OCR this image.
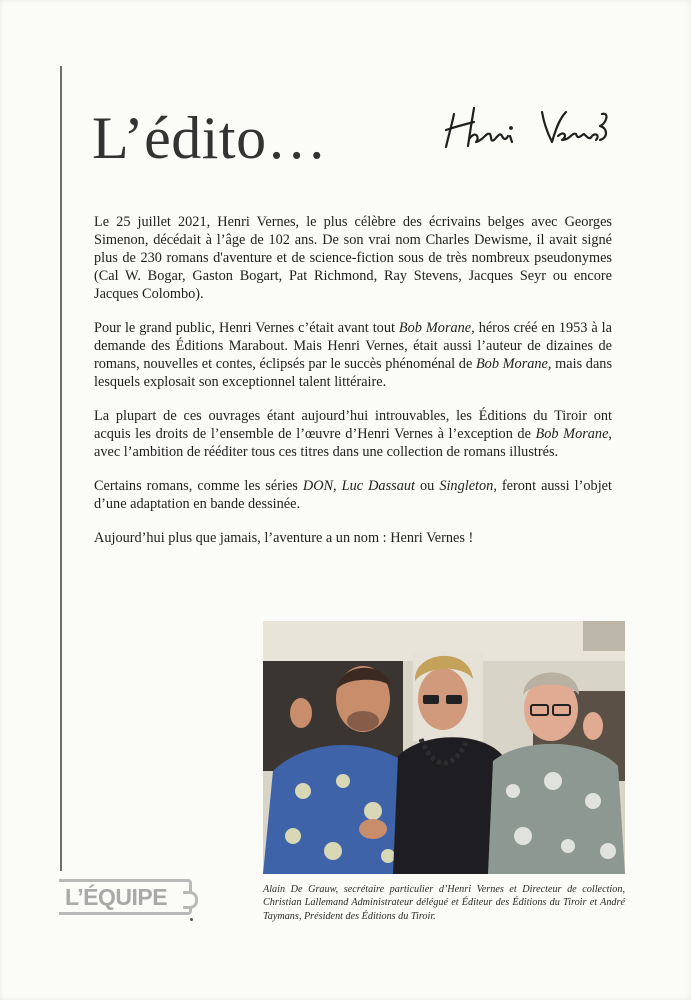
L’édito…

Le 25 juillet 2021, Henri Vernes, le plus célèbre des écrivains belges avec Georges Simenon, décédait à l’âge de 102 ans. De son vrai nom Charles Dewisme, il avait signé plus de 230 romans d'aventure et de science-fiction sous de très nombreux pseudonymes (Cal W. Bogar, Gaston Bogart, Pat Richmond, Ray Stevens, Jacques Seyr ou encore Jacques Colombo).

Pour le grand public, Henri Vernes c’était avant tout Bob Morane, héros créé en 1953 à la demande des Éditions Marabout. Mais Henri Vernes, était aussi l’auteur de dizaines de romans, nouvelles et contes, éclipsés par le succès phénoménal de Bob Morane, mais dans lesquels explosait son exceptionnel talent littéraire.

La plupart de ces ouvrages étant aujourd’hui introuvables, les Éditions du Tiroir ont acquis les droits de l’ensemble de l’œuvre d’Henri Vernes à l’exception de Bob Morane, avec l’ambition de rééditer tous ces titres dans une collection de romans illustrés.

Certains romans, comme les séries DON, Luc Dassaut ou Singleton, feront aussi l’objet d’une adaptation en bande dessinée.

Aujourd’hui plus que jamais, l’aventure a un nom : Henri Vernes !

Alain De Grauw, secrétaire particulier d’Henri Vernes et Directeur de collection, Christian Lallemand Administrateur délégué et Éditeur des Éditions du Tiroir et André Taymans, Président des Éditions du Tiroir.

L’ÉQUIPE
